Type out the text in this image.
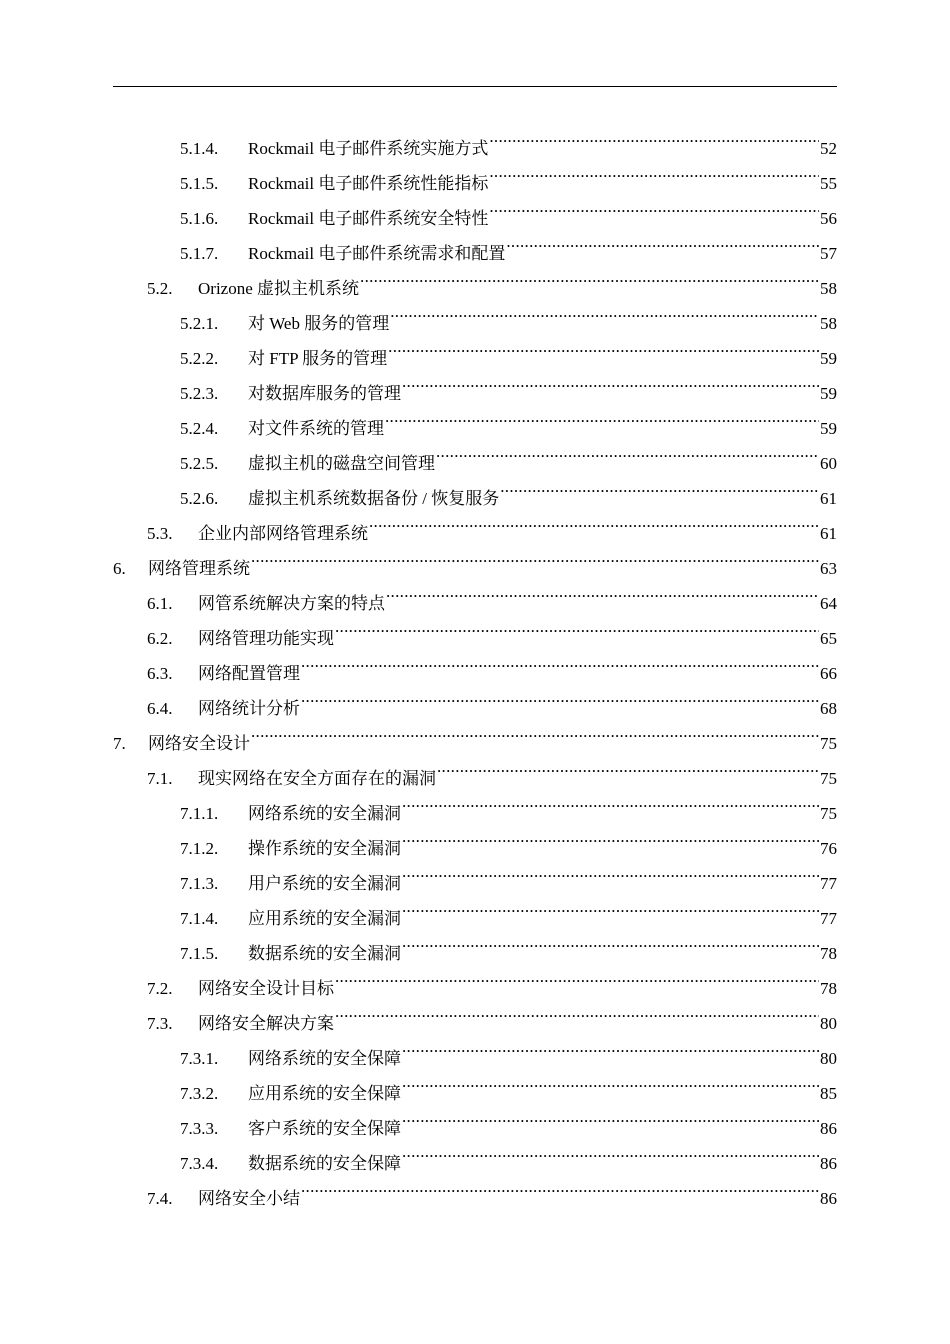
5.1.4.	Rockmail 电子邮件系统实施方式 .....	52
5.1.5.	Rockmail 电子邮件系统性能指标 .....	55
5.1.6.	Rockmail 电子邮件系统安全特性 .....	56
5.1.7.	Rockmail 电子邮件系统需求和配置 .....	57
5.2.	Orizone 虚拟主机系统 .....	58
5.2.1.	对 Web 服务的管理 .....	58
5.2.2.	对 FTP 服务的管理 .....	59
5.2.3.	对数据库服务的管理 .....	59
5.2.4.	对文件系统的管理 .....	59
5.2.5.	虚拟主机的磁盘空间管理 .....	60
5.2.6.	虚拟主机系统数据备份 / 恢复服务 .....	61
5.3.	企业内部网络管理系统 .....	61
6.	网络管理系统 .....	63
6.1.	网管系统解决方案的特点 .....	64
6.2.	网络管理功能实现 .....	65
6.3.	网络配置管理 .....	66
6.4.	网络统计分析 .....	68
7.	网络安全设计 .....	75
7.1.	现实网络在安全方面存在的漏洞 .....	75
7.1.1.	网络系统的安全漏洞 .....	75
7.1.2.	操作系统的安全漏洞 .....	76
7.1.3.	用户系统的安全漏洞 .....	77
7.1.4.	应用系统的安全漏洞 .....	77
7.1.5.	数据系统的安全漏洞 .....	78
7.2.	网络安全设计目标 .....	78
7.3.	网络安全解决方案 .....	80
7.3.1.	网络系统的安全保障 .....	80
7.3.2.	应用系统的安全保障 .....	85
7.3.3.	客户系统的安全保障 .....	86
7.3.4.	数据系统的安全保障 .....	86
7.4.	网络安全小结 .....	86
